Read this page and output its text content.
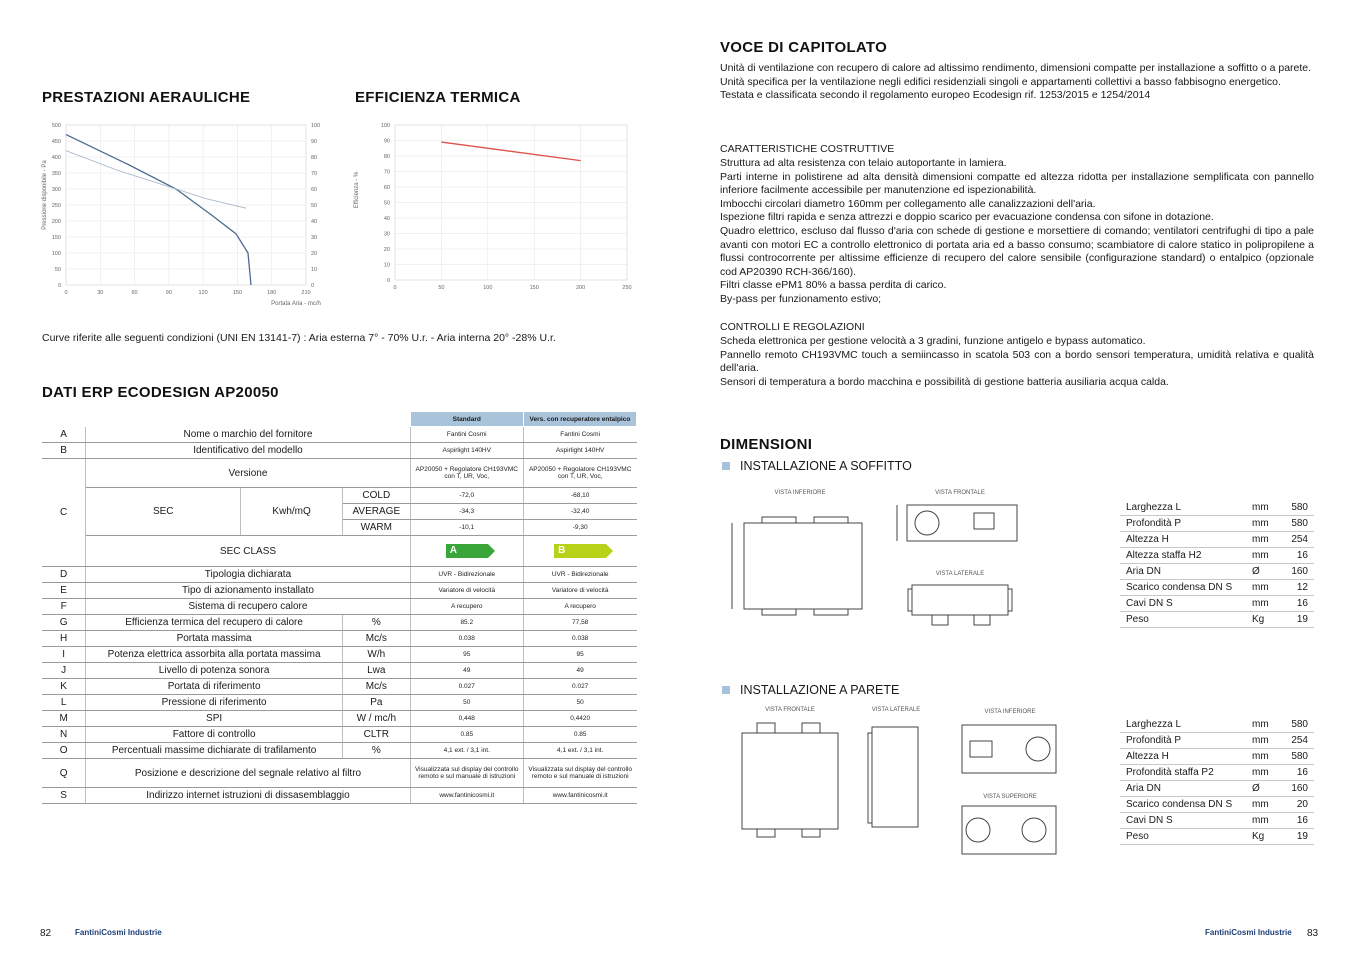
PRESTAZIONI AERAULICHE	EFFICIENZA TERMICA
Pressione disponibile - Pa
Portata Aria - mc/h
0	0
50	10
100	20
150	30
200	40
250	50
300	60
350	70
400	80
450	90
500	100
0	30	60	90	120	150	180	210
Efficienza - %
0
10
20
30
40
50
60
70
80
90
100
0	50	100	150	200	250
Curve riferite alle seguenti condizioni (UNI EN 13141-7) : Aria esterna 7° - 70% U.r. - Aria interna 20° -28% U.r.
DATI ERP ECODESIGN AP20050
				Standard	Vers. con recuperatore entalpico
A	Nome o marchio del fornitore			Fantini Cosmi	Fantini Cosmi
B	Identificativo del modello			Aspirlight 140HV	Aspirlight 140HV
C	Versione			AP20050 + Regolatore CH193VMC con T, UR, Voc,	AP20050 + Regolatore CH193VMC con T, UR, Voc,
	SEC	Kwh/mQ	COLD	-72,0	-68,10
			AVERAGE	-34,3	-32,40
			WARM	-10,1	-9,30
	SEC CLASS			A	B
D	Tipologia dichiarata			UVR - Bidirezionale	UVR - Bidirezionale
E	Tipo di azionamento installato			Variatore di velocità	Variatore di velocità
F	Sistema di recupero calore			A recupero	A recupero
G	Efficienza termica del recupero di calore		%	85.2	77,58
H	Portata massima		Mc/s	0.038	0.038
I	Potenza elettrica assorbita alla portata massima		W/h	95	95
J	Livello di potenza sonora		Lwa	49	49
K	Portata di riferimento		Mc/s	0.027	0.027
L	Pressione di riferimento		Pa	50	50
M	SPI		W / mc/h	0,448	0,4420
N	Fattore di controllo		CLTR	0.85	0.85
O	Percentuali massime dichiarate di trafilamento		%	4,1 ext. / 3,1 int.	4,1 ext. / 3,1 int.
Q	Posizione e descrizione del segnale relativo al filtro			Visualizzata sul display del controllo remoto e sul manuale di istruzioni	Visualizzata sul display del controllo remoto e sul manuale di istruzioni
S	Indirizzo internet istruzioni di dissasemblaggio			www.fantinicosmi.it	www.fantinicosmi.it
82	FantiniCosmi Industrie
VOCE DI CAPITOLATO
Unità di ventilazione con recupero di calore ad altissimo rendimento, dimensioni compatte per installazione a soffitto o a parete.
Unità specifica per la ventilazione negli edifici residenziali singoli e appartamenti collettivi a basso fabbisogno energetico.
Testata e classificata secondo il regolamento europeo Ecodesign rif. 1253/2015 e 1254/2014
CARATTERISTICHE COSTRUTTIVE
Struttura ad alta resistenza con telaio autoportante in lamiera.
Parti interne in polistirene ad alta densità dimensioni compatte ed altezza ridotta per installazione semplificata con pannello inferiore facilmente accessibile per manutenzione ed ispezionabilità.
Imbocchi circolari diametro 160mm per collegamento alle canalizzazioni dell'aria.
Ispezione filtri rapida e senza attrezzi e doppio scarico per evacuazione condensa con sifone in dotazione.
Quadro elettrico, escluso dal flusso d'aria con schede di gestione e morsettiere di comando; ventilatori centrifughi di tipo a pale avanti con motori EC a controllo elettronico di portata aria ed a basso consumo; scambiatore di calore statico in polipropilene a flussi controcorrente per altissime efficienze di recupero del calore sensibile (configurazione standard) o entalpico (opzionale cod AP20390 RCH-366/160).
Filtri classe ePM1 80% a bassa perdita di carico.
By-pass per funzionamento estivo;
CONTROLLI E REGOLAZIONI
Scheda elettronica per gestione velocità a 3 gradini, funzione antigelo e bypass automatico.
Pannello remoto CH193VMC touch a semiincasso in scatola 503 con a bordo sensori temperatura, umidità relativa e qualità dell'aria.
Sensori di temperatura a bordo macchina e possibilità di gestione batteria ausiliaria acqua calda.
DIMENSIONI
INSTALLAZIONE A SOFFITTO
INSTALLAZIONE A PARETE
VISTA INFERIORE	VISTA FRONTALE
VISTA LATERALE
VISTA FRONTALE	VISTA LATERALE	VISTA INFERIORE
VISTA SUPERIORE
Larghezza L	mm	580
Profondità P	mm	580
Altezza H	mm	254
Altezza staffa H2	mm	16
Aria DN	Ø	160
Scarico condensa DN S	mm	12
Cavi DN S	mm	16
Peso	Kg	19
Larghezza L	mm	580
Profondità P	mm	254
Altezza H	mm	580
Profondità staffa P2	mm	16
Aria DN	Ø	160
Scarico condensa DN S	mm	20
Cavi DN S	mm	16
Peso	Kg	19
FantiniCosmi Industrie 83
